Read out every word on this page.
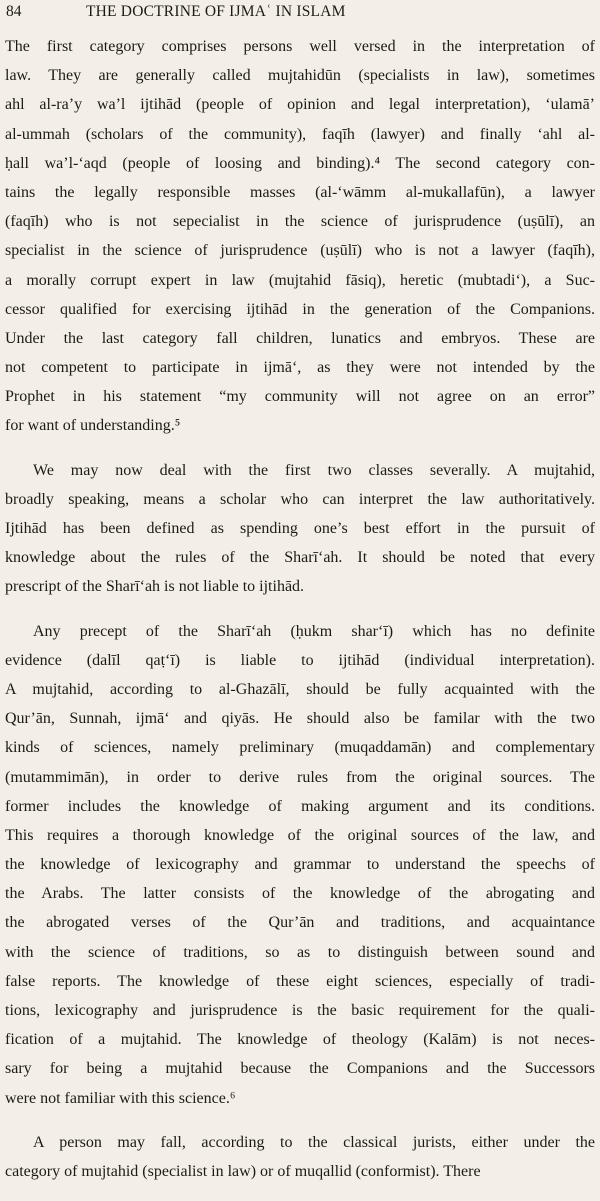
84	THE DOCTRINE OF IJMAʿ IN ISLAM
The first category comprises persons well versed in the interpretation of
law. They are generally called mujtahidūn (specialists in law), sometimes
ahl al-ra’y wa’l ijtihād (people of opinion and legal interpretation), ‘ulamā’
al-ummah (scholars of the community), faqīh (lawyer) and finally ‘ahl al-
ḥall wa’l-‘aqd (people of loosing and binding).⁴ The second category con-
tains the legally responsible masses (al-‘wāmm al-mukallafūn), a lawyer
(faqīh) who is not sepecialist in the science of jurisprudence (uṣūlī), an
specialist in the science of jurisprudence (uṣūlī) who is not a lawyer (faqīh),
a morally corrupt expert in law (mujtahid fāsiq), heretic (mubtadi‘), a Suc-
cessor qualified for exercising ijtihād in the generation of the Companions.
Under the last category fall children, lunatics and embryos. These are
not competent to participate in ijmā‘, as they were not intended by the
Prophet in his statement “my community will not agree on an error”
for want of understanding.⁵
We may now deal with the first two classes severally. A mujtahid,
broadly speaking, means a scholar who can interpret the law authoritatively.
Ijtihād has been defined as spending one’s best effort in the pursuit of
knowledge about the rules of the Sharī‘ah. It should be noted that every
prescript of the Sharī‘ah is not liable to ijtihād.
Any precept of the Sharī‘ah (ḥukm shar‘ī) which has no definite
evidence (dalīl qaṭ‘ī) is liable to ijtihād (individual interpretation).
A mujtahid, according to al-Ghazālī, should be fully acquainted with the
Qur’ān, Sunnah, ijmā‘ and qiyās. He should also be familar with the two
kinds of sciences, namely preliminary (muqaddamān) and complementary
(mutammimān), in order to derive rules from the original sources. The
former includes the knowledge of making argument and its conditions.
This requires a thorough knowledge of the original sources of the law, and
the knowledge of lexicography and grammar to understand the speechs of
the Arabs. The latter consists of the knowledge of the abrogating and
the abrogated verses of the Qur’ān and traditions, and acquaintance
with the science of traditions, so as to distinguish between sound and
false reports. The knowledge of these eight sciences, especially of tradi-
tions, lexicography and jurisprudence is the basic requirement for the quali-
fication of a mujtahid. The knowledge of theology (Kalām) is not neces-
sary for being a mujtahid because the Companions and the Successors
were not familiar with this science.⁶
A person may fall, according to the classical jurists, either under the
category of mujtahid (specialist in law) or of muqallid (conformist). There
